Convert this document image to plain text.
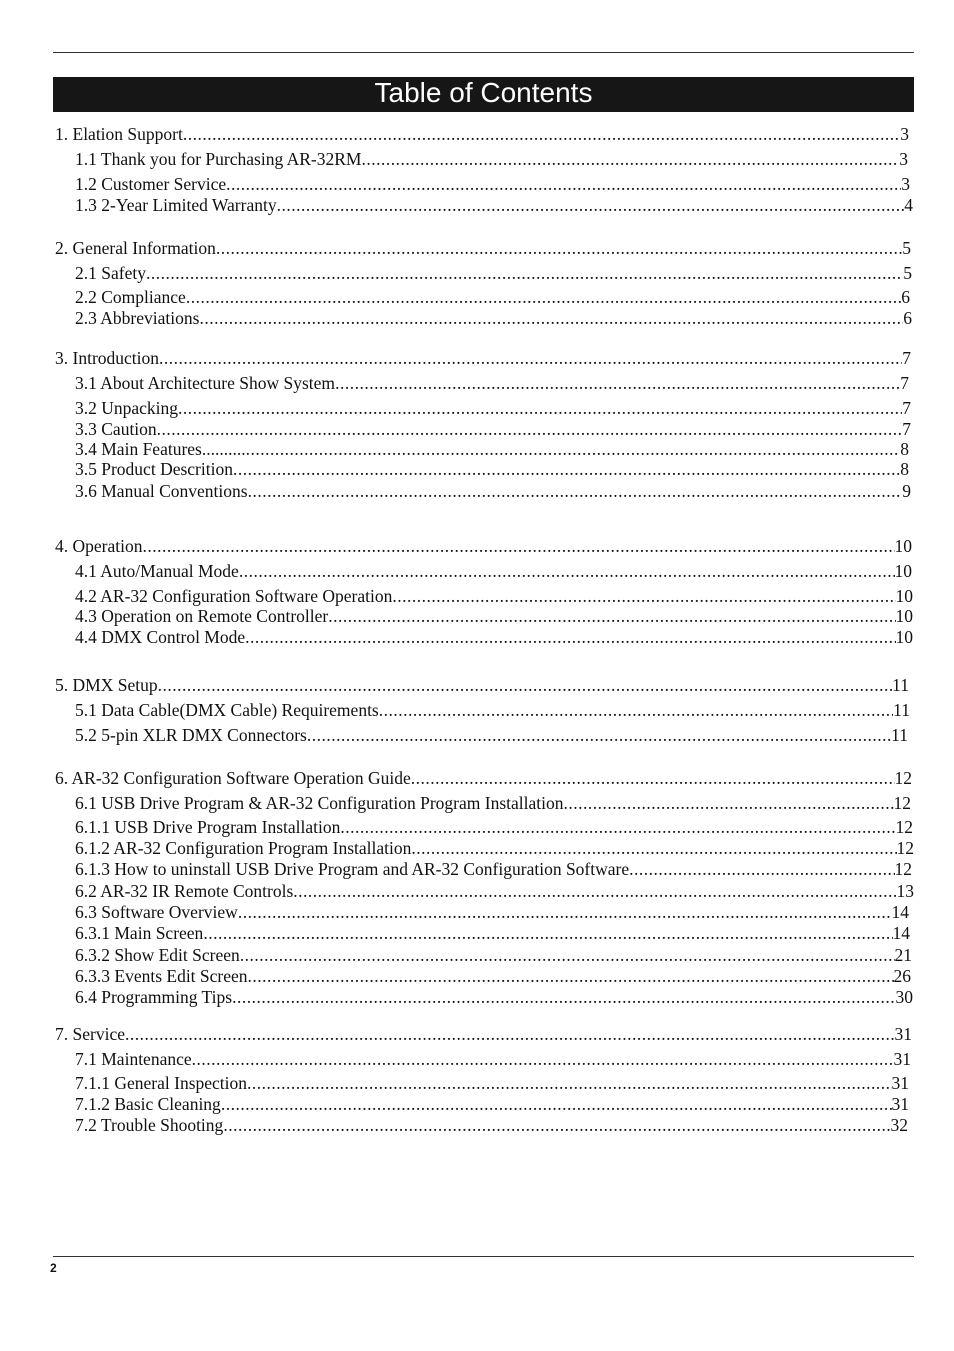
Table of Contents
1. Elation Support .....	3
1.1 Thank you for Purchasing AR-32RM .....	3
1.2 Customer Service .....	3
1.3 2-Year Limited Warranty .....	4
2. General Information .....	5
2.1 Safety .....	5
2.2 Compliance .....	6
2.3 Abbreviations .....	6
3. Introduction .....	7
3.1 About Architecture Show System .....	7
3.2 Unpacking .....	7
3.3 Caution .....	7
3.4 Main Features.......... .....	8
3.5 Product Descrition .....	8
3.6 Manual Conventions .....	9
4. Operation .....	10
4.1 Auto/Manual Mode .....	10
4.2 AR-32 Configuration Software Operation .....	10
4.3 Operation on Remote Controller .....	10
4.4 DMX Control Mode .....	10
5. DMX Setup .....	11
5.1 Data Cable(DMX Cable) Requirements .....	11
5.2 5-pin XLR DMX Connectors .....	11
6. AR-32 Configuration Software Operation Guide .....	12
6.1 USB Drive Program & AR-32 Configuration Program Installation .....	12
6.1.1 USB Drive Program Installation .....	12
6.1.2 AR-32 Configuration Program Installation .....	12
6.1.3 How to uninstall USB Drive Program and AR-32 Configuration Software .....	12
6.2 AR-32 IR Remote Controls .....	13
6.3 Software Overview .....	14
6.3.1 Main Screen .....	14
6.3.2 Show Edit Screen .....	21
6.3.3 Events Edit Screen .....	26
6.4 Programming Tips .....	30
7. Service .....	31
7.1 Maintenance .....	31
7.1.1 General Inspection .....	31
7.1.2 Basic Cleaning .....	31
7.2 Trouble Shooting .....	32
2
